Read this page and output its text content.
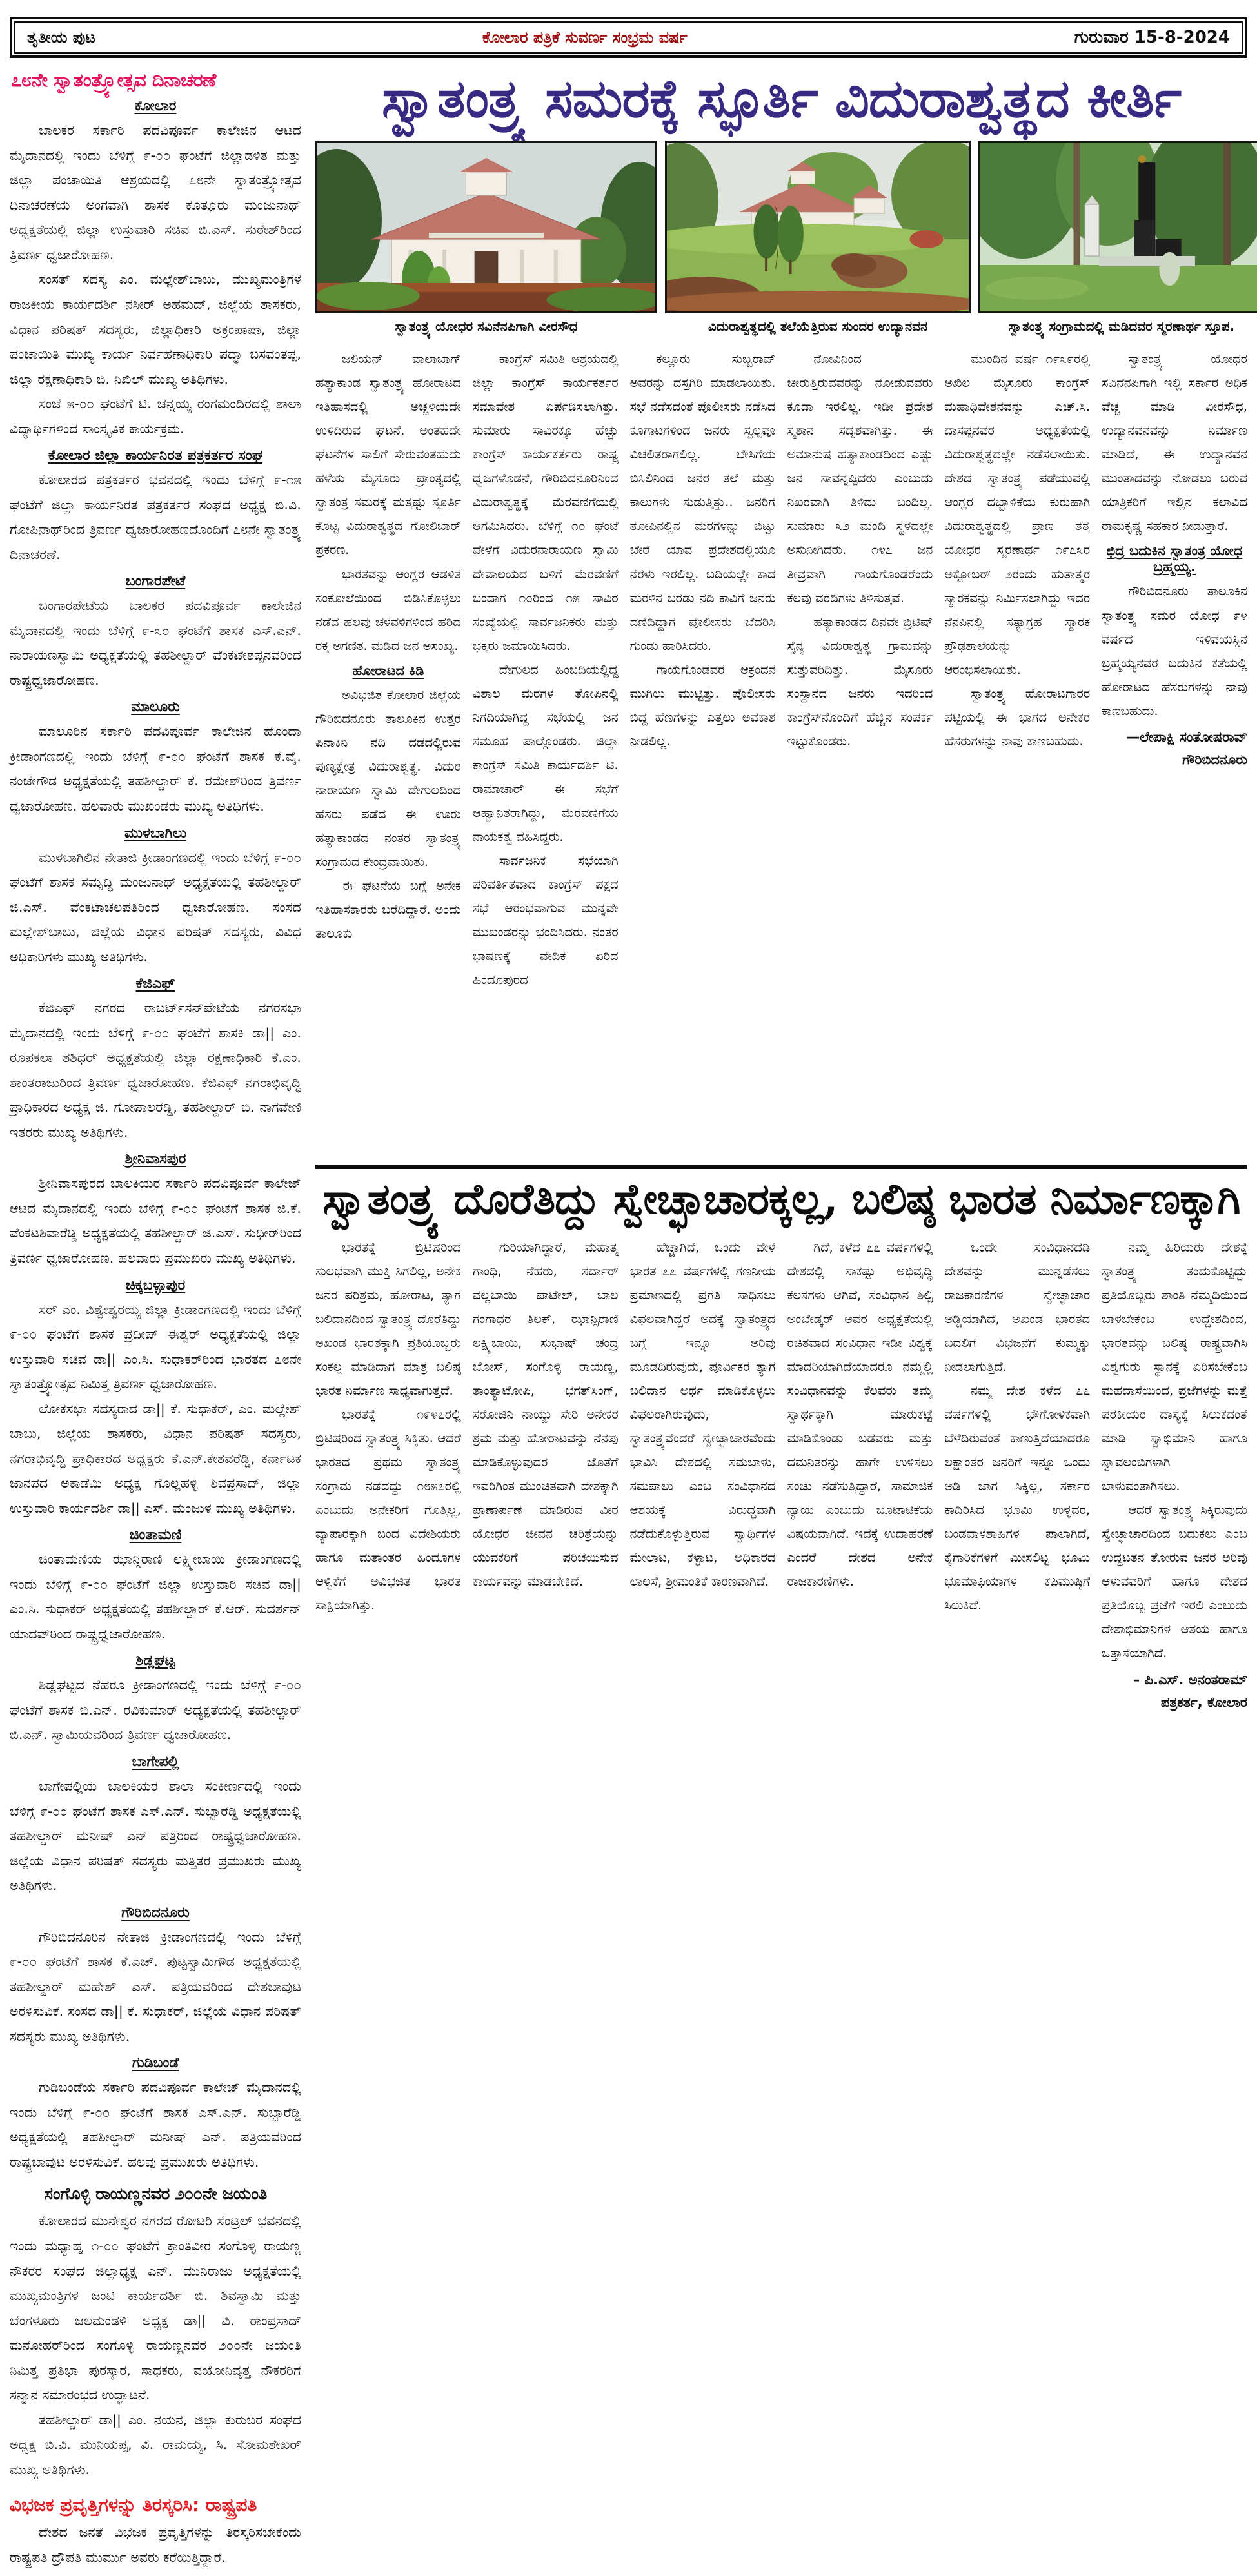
ತೃತೀಯ ಪುಟ	ಕೋಲಾರ ಪತ್ರಿಕೆ ಸುವರ್ಣ ಸಂಭ್ರಮ ವರ್ಷ	ಗುರುವಾರ 15-8-2024
೭೮ನೇ ಸ್ವಾತಂತ್ರ್ಯೋತ್ಸವ ದಿನಾಚರಣೆ
ಕೋಲಾರ

ಬಾಲಕರ ಸರ್ಕಾರಿ ಪದವಿಪೂರ್ವ ಕಾಲೇಜಿನ ಆಟದ ಮೈದಾನದಲ್ಲಿ ಇಂದು ಬೆಳಿಗ್ಗೆ ೯-೦೦ ಘಂಟೆಗೆ ಜಿಲ್ಲಾಡಳಿತ ಮತ್ತು ಜಿಲ್ಲಾ ಪಂಚಾಯಿತಿ ಆಶ್ರಯದಲ್ಲಿ ೭೮ನೇ ಸ್ವಾತಂತ್ರ್ಯೋತ್ಸವ ದಿನಾಚರಣೆಯ ಅಂಗವಾಗಿ ಶಾಸಕ ಕೊತ್ತೂರು ಮಂಜುನಾಥ್ ಅಧ್ಯಕ್ಷತೆಯಲ್ಲಿ ಜಿಲ್ಲಾ ಉಸ್ತುವಾರಿ ಸಚಿವ ಬಿ.ಎಸ್. ಸುರೇಶ್‌ರಿಂದ ತ್ರಿವರ್ಣ ಧ್ವಜಾರೋಹಣ.

ಸಂಸತ್ ಸದಸ್ಯ ಎಂ. ಮಲ್ಲೇಶ್‌ಬಾಬು, ಮುಖ್ಯಮಂತ್ರಿಗಳ ರಾಜಕೀಯ ಕಾರ್ಯದರ್ಶಿ ನಸೀರ್ ಅಹಮದ್, ಜಿಲ್ಲೆಯ ಶಾಸಕರು, ವಿಧಾನ ಪರಿಷತ್ ಸದಸ್ಯರು, ಜಿಲ್ಲಾಧಿಕಾರಿ ಅಕ್ರಂಪಾಷಾ, ಜಿಲ್ಲಾ ಪಂಚಾಯಿತಿ ಮುಖ್ಯ ಕಾರ್ಯ ನಿರ್ವಹಣಾಧಿಕಾರಿ ಪದ್ಮಾ ಬಸವಂತಪ್ಪ, ಜಿಲ್ಲಾ ರಕ್ಷಣಾಧಿಕಾರಿ ಬಿ. ನಿಖಿಲ್ ಮುಖ್ಯ ಅತಿಥಿಗಳು.

ಸಂಜೆ ೫-೦೦ ಘಂಟೆಗೆ ಟಿ. ಚನ್ನಯ್ಯ ರಂಗಮಂದಿರದಲ್ಲಿ ಶಾಲಾ ವಿದ್ಯಾರ್ಥಿಗಳಿಂದ ಸಾಂಸ್ಕೃತಿಕ ಕಾರ್ಯಕ್ರಮ.

ಕೋಲಾರ ಜಿಲ್ಲಾ ಕಾರ್ಯನಿರತ ಪತ್ರಕರ್ತರ ಸಂಘ

ಕೋಲಾರದ ಪತ್ರಕರ್ತರ ಭವನದಲ್ಲಿ ಇಂದು ಬೆಳಿಗ್ಗೆ ೯-೧೫ ಘಂಟೆಗೆ ಜಿಲ್ಲಾ ಕಾರ್ಯನಿರತ ಪತ್ರಕರ್ತರ ಸಂಘದ ಅಧ್ಯಕ್ಷ ಬಿ.ವಿ. ಗೋಪಿನಾಥ್‌ರಿಂದ ತ್ರಿವರ್ಣ ಧ್ವಜಾರೋಹಣದೊಂದಿಗೆ ೭೮ನೇ ಸ್ವಾತಂತ್ರ್ಯ ದಿನಾಚರಣೆ.

ಬಂಗಾರಪೇಟೆ

ಬಂಗಾರಪೇಟೆಯ ಬಾಲಕರ ಪದವಿಪೂರ್ವ ಕಾಲೇಜಿನ ಮೈದಾನದಲ್ಲಿ ಇಂದು ಬೆಳಿಗ್ಗೆ ೯-೩೦ ಘಂಟೆಗೆ ಶಾಸಕ ಎಸ್.ಎನ್. ನಾರಾಯಣಸ್ವಾಮಿ ಅಧ್ಯಕ್ಷತೆಯಲ್ಲಿ ತಹಶೀಲ್ದಾರ್ ವೆಂಕಟೇಶಪ್ಪನವರಿಂದ ರಾಷ್ಟ್ರಧ್ವಜಾರೋಹಣ.

ಮಾಲೂರು

ಮಾಲೂರಿನ ಸರ್ಕಾರಿ ಪದವಿಪೂರ್ವ ಕಾಲೇಜಿನ ಹೊಂದಾ ಕ್ರೀಡಾಂಗಣದಲ್ಲಿ ಇಂದು ಬೆಳಿಗ್ಗೆ ೯-೦೦ ಘಂಟೆಗೆ ಶಾಸಕ ಕೆ.ವೈ. ನಂಜೇಗೌಡ ಅಧ್ಯಕ್ಷತೆಯಲ್ಲಿ ತಹಶೀಲ್ದಾರ್ ಕೆ. ರಮೇಶ್‌ರಿಂದ ತ್ರಿವರ್ಣ ಧ್ವಜಾರೋಹಣ. ಹಲವಾರು ಮುಖಂಡರು ಮುಖ್ಯ ಅತಿಥಿಗಳು.

ಮುಳಬಾಗಿಲು

ಮುಳಬಾಗಿಲಿನ ನೇತಾಜಿ ಕ್ರೀಡಾಂಗಣದಲ್ಲಿ ಇಂದು ಬೆಳಿಗ್ಗೆ ೯-೦೦ ಘಂಟೆಗೆ ಶಾಸಕ ಸಮೃದ್ಧಿ ಮಂಜುನಾಥ್ ಅಧ್ಯಕ್ಷತೆಯಲ್ಲಿ ತಹಶೀಲ್ದಾರ್ ಜಿ.ಎಸ್. ವೆಂಕಟಾಚಲಪತಿರಿಂದ ಧ್ವಜಾರೋಹಣ. ಸಂಸದ ಮಲ್ಲೇಶ್‌ಬಾಬು, ಜಿಲ್ಲೆಯ ವಿಧಾನ ಪರಿಷತ್ ಸದಸ್ಯರು, ವಿವಿಧ ಅಧಿಕಾರಿಗಳು ಮುಖ್ಯ ಅತಿಥಿಗಳು.

ಕೆಜಿಎಫ್

ಕೆಜಿಎಫ್ ನಗರದ ರಾಬರ್ಟ್‌ಸನ್‌ಪೇಟೆಯ ನಗರಸಭಾ ಮೈದಾನದಲ್ಲಿ ಇಂದು ಬೆಳಿಗ್ಗೆ ೯-೦೦ ಘಂಟೆಗೆ ಶಾಸಕಿ ಡಾ|| ಎಂ. ರೂಪಕಲಾ ಶಶಿಧರ್ ಅಧ್ಯಕ್ಷತೆಯಲ್ಲಿ ಜಿಲ್ಲಾ ರಕ್ಷಣಾಧಿಕಾರಿ ಕೆ.ಎಂ. ಶಾಂತರಾಜುರಿಂದ ತ್ರಿವರ್ಣ ಧ್ವಜಾರೋಹಣ. ಕೆಜಿಎಫ್ ನಗರಾಭಿವೃದ್ಧಿ ಪ್ರಾಧಿಕಾರದ ಅಧ್ಯಕ್ಷ ಜಿ. ಗೋಪಾಲರೆಡ್ಡಿ, ತಹಶೀಲ್ದಾರ್ ಬಿ. ನಾಗವೇಣಿ ಇತರರು ಮುಖ್ಯ ಅತಿಥಿಗಳು.

ಶ್ರೀನಿವಾಸಪುರ

ಶ್ರೀನಿವಾಸಪುರದ ಬಾಲಕಿಯರ ಸರ್ಕಾರಿ ಪದವಿಪೂರ್ವ ಕಾಲೇಜ್ ಆಟದ ಮೈದಾನದಲ್ಲಿ ಇಂದು ಬೆಳಿಗ್ಗೆ ೯-೦೦ ಘಂಟೆಗೆ ಶಾಸಕ ಜಿ.ಕೆ. ವೆಂಕಟಶಿವಾರೆಡ್ಡಿ ಅಧ್ಯಕ್ಷತೆಯಲ್ಲಿ ತಹಶೀಲ್ದಾರ್ ಜಿ.ಎಸ್. ಸುಧೀರ್‌ರಿಂದ ತ್ರಿವರ್ಣ ಧ್ವಜಾರೋಹಣ. ಹಲವಾರು ಪ್ರಮುಖರು ಮುಖ್ಯ ಅತಿಥಿಗಳು.

ಚಿಕ್ಕಬಳ್ಳಾಪುರ

ಸರ್ ಎಂ. ವಿಶ್ವೇಶ್ವರಯ್ಯ ಜಿಲ್ಲಾ ಕ್ರೀಡಾಂಗಣದಲ್ಲಿ ಇಂದು ಬೆಳಿಗ್ಗೆ ೯-೦೦ ಘಂಟೆಗೆ ಶಾಸಕ ಪ್ರದೀಪ್ ಈಶ್ವರ್ ಅಧ್ಯಕ್ಷತೆಯಲ್ಲಿ ಜಿಲ್ಲಾ ಉಸ್ತುವಾರಿ ಸಚಿವ ಡಾ|| ಎಂ.ಸಿ. ಸುಧಾಕರ್‌ರಿಂದ ಭಾರತದ ೭೮ನೇ ಸ್ವಾತಂತ್ರ್ಯೋತ್ಸವ ನಿಮಿತ್ತ ತ್ರಿವರ್ಣ ಧ್ವಜಾರೋಹಣ.

ಲೋಕಸಭಾ ಸದಸ್ಯರಾದ ಡಾ|| ಕೆ. ಸುಧಾಕರ್, ಎಂ. ಮಲ್ಲೇಶ್ ಬಾಬು, ಜಿಲ್ಲೆಯ ಶಾಸಕರು, ವಿಧಾನ ಪರಿಷತ್ ಸದಸ್ಯರು, ನಗರಾಭಿವೃದ್ಧಿ ಪ್ರಾಧಿಕಾರದ ಅಧ್ಯಕ್ಷರು ಕೆ.ಎನ್.ಕೇಶವರೆಡ್ಡಿ, ಕರ್ನಾಟಕ ಜಾನಪದ ಅಕಾಡೆಮಿ ಅಧ್ಯಕ್ಷ ಗೊಲ್ಲಹಳ್ಳಿ ಶಿವಪ್ರಸಾದ್, ಜಿಲ್ಲಾ ಉಸ್ತುವಾರಿ ಕಾರ್ಯದರ್ಶಿ ಡಾ|| ಎಸ್. ಮಂಜುಳ ಮುಖ್ಯ ಅತಿಥಿಗಳು.

ಚಿಂತಾಮಣಿ

ಚಿಂತಾಮಣಿಯ ಝಾನ್ಸಿರಾಣಿ ಲಕ್ಷ್ಮೀಬಾಯಿ ಕ್ರೀಡಾಂಗಣದಲ್ಲಿ ಇಂದು ಬೆಳಿಗ್ಗೆ ೯-೦೦ ಘಂಟೆಗೆ ಜಿಲ್ಲಾ ಉಸ್ತುವಾರಿ ಸಚಿವ ಡಾ|| ಎಂ.ಸಿ. ಸುಧಾಕರ್ ಅಧ್ಯಕ್ಷತೆಯಲ್ಲಿ ತಹಶೀಲ್ದಾರ್ ಕೆ.ಆರ್. ಸುದರ್ಶನ್ ಯಾದವ್‌ರಿಂದ ರಾಷ್ಟ್ರಧ್ವಜಾರೋಹಣ.

ಶಿಡ್ಲಘಟ್ಟ

ಶಿಡ್ಲಘಟ್ಟದ ನೆಹರೂ ಕ್ರೀಡಾಂಗಣದಲ್ಲಿ ಇಂದು ಬೆಳಿಗ್ಗೆ ೯-೦೦ ಘಂಟೆಗೆ ಶಾಸಕ ಬಿ.ಎನ್. ರವಿಕುಮಾರ್ ಅಧ್ಯಕ್ಷತೆಯಲ್ಲಿ ತಹಶೀಲ್ದಾರ್ ಬಿ.ಎನ್. ಸ್ವಾಮಿಯವರಿಂದ ತ್ರಿವರ್ಣ ಧ್ವಜಾರೋಹಣ.

ಬಾಗೇಪಲ್ಲಿ

ಬಾಗೇಪಲ್ಲಿಯ ಬಾಲಕಿಯರ ಶಾಲಾ ಸಂಕೀರ್ಣದಲ್ಲಿ ಇಂದು ಬೆಳಿಗ್ಗೆ ೯-೦೦ ಘಂಟೆಗೆ ಶಾಸಕ ಎಸ್.ಎನ್. ಸುಬ್ಬಾರೆಡ್ಡಿ ಅಧ್ಯಕ್ಷತೆಯಲ್ಲಿ ತಹಶೀಲ್ದಾರ್ ಮನೀಷ್ ಎನ್ ಪತ್ರಿರಿಂದ ರಾಷ್ಟ್ರಧ್ವಜಾರೋಹಣ. ಜಿಲ್ಲೆಯ ವಿಧಾನ ಪರಿಷತ್ ಸದಸ್ಯರು ಮತ್ತಿತರ ಪ್ರಮುಖರು ಮುಖ್ಯ ಅತಿಥಿಗಳು.

ಗೌರಿಬಿದನೂರು

ಗೌರಿಬಿದನೂರಿನ ನೇತಾಜಿ ಕ್ರೀಡಾಂಗಣದಲ್ಲಿ ಇಂದು ಬೆಳಿಗ್ಗೆ ೯-೦೦ ಘಂಟೆಗೆ ಶಾಸಕ ಕೆ.ಎಚ್. ಪುಟ್ಟಸ್ವಾಮಿಗೌಡ ಅಧ್ಯಕ್ಷತೆಯಲ್ಲಿ ತಹಶೀಲ್ದಾರ್ ಮಹೇಶ್ ಎಸ್. ಪತ್ರಿಯವರಿಂದ ದೇಶಬಾವುಟ ಅರಳಿಸುವಿಕೆ. ಸಂಸದ ಡಾ|| ಕೆ. ಸುಧಾಕರ್, ಜಿಲ್ಲೆಯ ವಿಧಾನ ಪರಿಷತ್ ಸದಸ್ಯರು ಮುಖ್ಯ ಅತಿಥಿಗಳು.

ಗುಡಿಬಂಡೆ

ಗುಡಿಬಂಡೆಯ ಸರ್ಕಾರಿ ಪದವಿಪೂರ್ವ ಕಾಲೇಜ್ ಮೈದಾನದಲ್ಲಿ ಇಂದು ಬೆಳಿಗ್ಗೆ ೯-೦೦ ಘಂಟೆಗೆ ಶಾಸಕ ಎಸ್.ಎನ್. ಸುಬ್ಬಾರೆಡ್ಡಿ ಅಧ್ಯಕ್ಷತೆಯಲ್ಲಿ ತಹಶೀಲ್ದಾರ್ ಮನೀಷ್ ಎನ್. ಪತ್ರಿಯವರಿಂದ ರಾಷ್ಟ್ರಬಾವುಟ ಅರಳಿಸುವಿಕೆ. ಹಲವು ಪ್ರಮುಖರು ಅತಿಥಿಗಳು.

ಸಂಗೊಳ್ಳಿ ರಾಯಣ್ಣನವರ ೨೦೦ನೇ ಜಯಂತಿ

ಕೋಲಾರದ ಮುನೇಶ್ವರ ನಗರದ ರೋಟರಿ ಸೆಂಟ್ರಲ್ ಭವನದಲ್ಲಿ ಇಂದು ಮಧ್ಯಾಹ್ನ ೧-೦೦ ಘಂಟೆಗೆ ಕ್ರಾಂತಿವೀರ ಸಂಗೊಳ್ಳಿ ರಾಯಣ್ಣ ನೌಕರರ ಸಂಘದ ಜಿಲ್ಲಾಧ್ಯಕ್ಷ ಎನ್. ಮುನಿರಾಜು ಅಧ್ಯಕ್ಷತೆಯಲ್ಲಿ ಮುಖ್ಯಮಂತ್ರಿಗಳ ಜಂಟಿ ಕಾರ್ಯದರ್ಶಿ ಬಿ. ಶಿವಸ್ವಾಮಿ ಮತ್ತು ಬೆಂಗಳೂರು ಜಲಮಂಡಳಿ ಅಧ್ಯಕ್ಷ ಡಾ|| ವಿ. ರಾಂಪ್ರಸಾದ್ ಮನೋಹರ್‌ರಿಂದ ಸಂಗೊಳ್ಳಿ ರಾಯಣ್ಣನವರ ೨೦೦ನೇ ಜಯಂತಿ ನಿಮಿತ್ತ ಪ್ರತಿಭಾ ಪುರಸ್ಕಾರ, ಸಾಧಕರು, ವಯೋನಿವೃತ್ತ ನೌಕರರಿಗೆ ಸನ್ಮಾನ ಸಮಾರಂಭದ ಉದ್ಘಾಟನೆ.

ತಹಶೀಲ್ದಾರ್ ಡಾ|| ಎಂ. ನಯನ, ಜಿಲ್ಲಾ ಕುರುಬರ ಸಂಘದ ಅಧ್ಯಕ್ಷ ಬಿ.ವಿ. ಮುನಿಯಪ್ಪ, ವಿ. ರಾಮಯ್ಯ, ಸಿ. ಸೋಮಶೇಖರ್ ಮುಖ್ಯ ಅತಿಥಿಗಳು.

ವಿಭಜಕ ಪ್ರವೃತ್ತಿಗಳನ್ನು ತಿರಸ್ಕರಿಸಿ: ರಾಷ್ಟ್ರಪತಿ

ದೇಶದ ಜನತೆ ವಿಭಜಕ ಪ್ರವೃತ್ತಿಗಳನ್ನು ತಿರಸ್ಕರಿಸಬೇಕೆಂದು ರಾಷ್ಟ್ರಪತಿ ದ್ರೌಪತಿ ಮುರ್ಮು ಅವರು ಕರೆಯಿತ್ತಿದ್ದಾರೆ.

ಸ್ವಾತಂತ್ರ್ಯ ಸಮರಕ್ಕೆ ಸ್ಫೂರ್ತಿ ವಿದುರಾಶ್ವತ್ಥದ ಕೀರ್ತಿ
ಸ್ವಾತಂತ್ರ್ಯ ಯೋಧರ ಸವಿನೆನಪಿಗಾಗಿ ವೀರಸೌಧ	ವಿದುರಾಶ್ವತ್ಥದಲ್ಲಿ ತಲೆಯೆತ್ತಿರುವ ಸುಂದರ ಉದ್ಯಾನವನ	ಸ್ವಾತಂತ್ರ್ಯ ಸಂಗ್ರಾಮದಲ್ಲಿ ಮಡಿದವರ ಸ್ಮರಣಾರ್ಥ ಸ್ತೂಪ.

ಜಲಿಯನ್ ವಾಲಾಬಾಗ್ ಹತ್ಯಾಕಾಂಡ ಸ್ವಾತಂತ್ರ್ಯ ಹೋರಾಟದ ಇತಿಹಾಸದಲ್ಲಿ ಅಚ್ಚಳಿಯದೇ ಉಳಿದಿರುವ ಘಟನೆ. ಅಂತಹದೇ ಘಟನೆಗಳ ಸಾಲಿಗೆ ಸೇರುವಂತಹುದು ಹಳೆಯ ಮೈಸೂರು ಪ್ರಾಂತ್ಯದಲ್ಲಿ ಸ್ವಾತಂತ್ರ ಸಮರಕ್ಕೆ ಮತ್ತಷ್ಟು ಸ್ಫೂರ್ತಿ ಕೊಟ್ಟ ವಿದುರಾಶ್ವತ್ಥದ ಗೋಲಿಬಾರ್ ಪ್ರಕರಣ.

ಭಾರತವನ್ನು ಆಂಗ್ಲರ ಆಡಳಿತ ಸಂಕೋಲೆಯಿಂದ ಬಿಡಿಸಿಕೊಳ್ಳಲು ನಡೆದ ಹಲವು ಚಳವಳಿಗಳಿಂದ ಹರಿದ ರಕ್ತ ಅಗಣಿತ. ಮಡಿದ ಜನ ಅಸಂಖ್ಯ.

ಹೋರಾಟದ ಕಿಡಿ

ಅವಿಭಜಿತ ಕೋಲಾರ ಜಿಲ್ಲೆಯ ಗೌರಿಬಿದನೂರು ತಾಲೂಕಿನ ಉತ್ತರ ಪಿನಾಕಿನಿ ನದಿ ದಡದಲ್ಲಿರುವ ಪುಣ್ಯಕ್ಷೇತ್ರ ವಿದುರಾಶ್ವತ್ಥ. ವಿದುರ ನಾರಾಯಣ ಸ್ವಾಮಿ ದೇಗುಲದಿಂದ ಹೆಸರು ಪಡೆದ ಈ ಊರು ಹತ್ಯಾಕಾಂಡದ ನಂತರ ಸ್ವಾತಂತ್ರ್ಯ ಸಂಗ್ರಾಮದ ಕೇಂದ್ರವಾಯಿತು.

ಈ ಘಟನೆಯ ಬಗ್ಗೆ ಅನೇಕ ಇತಿಹಾಸಕಾರರು ಬರೆದಿದ್ದಾರೆ. ಅಂದು ತಾಲೂಕು

ಕಾಂಗ್ರೆಸ್ ಸಮಿತಿ ಆಶ್ರಯದಲ್ಲಿ ಜಿಲ್ಲಾ ಕಾಂಗ್ರೆಸ್ ಕಾರ್ಯಕರ್ತರ ಸಮಾವೇಶ ಏರ್ಪಡಿಸಲಾಗಿತ್ತು. ಸುಮಾರು ಸಾವಿರಕ್ಕೂ ಹೆಚ್ಚು ಕಾಂಗ್ರೆಸ್ ಕಾರ್ಯಕರ್ತರು ರಾಷ್ಟ್ರ ಧ್ವಜಗಳೊಡನೆ, ಗೌರಿಬಿದನೂರಿನಿಂದ ವಿದುರಾಶ್ವತ್ಥಕ್ಕೆ ಮೆರವಣಿಗೆಯಲ್ಲಿ ಆಗಮಿಸಿದರು. ಬೆಳಿಗ್ಗೆ ೧೦ ಘಂಟೆ ವೇಳೆಗೆ ವಿದುರನಾರಾಯಣ ಸ್ವಾಮಿ ದೇವಾಲಯದ ಬಳಿಗೆ ಮೆರವಣಿಗೆ ಬಂದಾಗ ೧೦ರಿಂದ ೧೫ ಸಾವಿರ ಸಂಖ್ಯೆಯಲ್ಲಿ ಸಾರ್ವಜನಿಕರು ಮತ್ತು ಭಕ್ತರು ಜಮಾಯಿಸಿದರು.

ದೇಗುಲದ ಹಿಂಬದಿಯಲ್ಲಿದ್ದ ವಿಶಾಲ ಮರಗಳ ತೋಪಿನಲ್ಲಿ ನಿಗದಿಯಾಗಿದ್ದ ಸಭೆಯಲ್ಲಿ ಜನ ಸಮೂಹ ಪಾಲ್ಗೊಂಡರು. ಜಿಲ್ಲಾ ಕಾಂಗ್ರೆಸ್ ಸಮಿತಿ ಕಾರ್ಯದರ್ಶಿ ಟಿ. ರಾಮಾಚಾರ್ ಈ ಸಭೆಗೆ ಆಹ್ವಾನಿತರಾಗಿದ್ದು, ಮೆರವಣಿಗೆಯ ನಾಯಕತ್ವ ವಹಿಸಿದ್ದರು.

ಸಾರ್ವಜನಿಕ ಸಭೆಯಾಗಿ ಪರಿವರ್ತಿತವಾದ ಕಾಂಗ್ರೆಸ್ ಪಕ್ಷದ ಸಭೆ ಆರಂಭವಾಗುವ ಮುನ್ನವೇ ಮುಖಂಡರನ್ನು ಭಂದಿಸಿದರು. ನಂತರ ಭಾಷಣಕ್ಕೆ ವೇದಿಕೆ ಏರಿದ ಹಿಂದೂಪುರದ

ಕಲ್ಲೂರು ಸುಬ್ಬರಾವ್ ಅವರನ್ನು ದಸ್ತಗಿರಿ ಮಾಡಲಾಯಿತು. ಸಭೆ ನಡೆಸದಂತೆ ಪೊಲೀಸರು ನಡೆಸಿದ ಕೂಗಾಟಗಳಿಂದ ಜನರು ಸ್ವಲ್ಪವೂ ವಿಚಲಿತರಾಗಲಿಲ್ಲ. ಬೇಸಿಗೆಯ ಬಿಸಿಲಿನಿಂದ ಜನರ ತಲೆ ಮತ್ತು ಕಾಲುಗಳು ಸುಡುತ್ತಿತ್ತು.. ಜನರಿಗೆ ತೋಪಿನಲ್ಲಿನ ಮರಗಳನ್ನು ಬಿಟ್ಟು ಬೇರೆ ಯಾವ ಪ್ರದೇಶದಲ್ಲಿಯೂ ನೆರಳು ಇರಲಿಲ್ಲ. ಬದಿಯಲ್ಲೇ ಕಾದ ಮರಳಿನ ಬರಡು ನದಿ ಕಾವಿಗೆ ಜನರು ದಣಿದಿದ್ದಾಗ ಪೊಲೀಸರು ಬೆದರಿಸಿ ಗುಂಡು ಹಾರಿಸಿದರು.

ಗಾಯಗೊಂಡವರ ಆಕ್ರಂದನ ಮುಗಿಲು ಮುಟ್ಟಿತ್ತು. ಪೊಲೀಸರು ಬಿದ್ದ ಹೆಣಗಳನ್ನು ಎತ್ತಲು ಅವಕಾಶ ನೀಡಲಿಲ್ಲ.

ನೋವಿನಿಂದ ಚೀರುತ್ತಿರುವವರನ್ನು ನೋಡುವವರು ಕೂಡಾ ಇರಲಿಲ್ಲ. ಇಡೀ ಪ್ರದೇಶ ಸ್ಮಶಾನ ಸದೃಶವಾಗಿತ್ತು. ಈ ಅಮಾನುಷ ಹತ್ಯಾಕಾಂಡದಿಂದ ಎಷ್ಟು ಜನ ಸಾವನ್ನಪ್ಪಿದರು ಎಂಬುದು ನಿಖರವಾಗಿ ತಿಳಿದು ಬಂದಿಲ್ಲ. ಸುಮಾರು ೩೨ ಮಂದಿ ಸ್ಥಳದಲ್ಲೇ ಅಸುನೀಗಿದರು. ೧೪೭ ಜನ ತೀವ್ರವಾಗಿ ಗಾಯಗೊಂಡರೆಂದು ಕೆಲವು ವರದಿಗಳು ತಿಳಿಸುತ್ತವೆ.

ಹತ್ಯಾಕಾಂಡದ ದಿನವೇ ಬ್ರಿಟಿಷ್ ಸೈನ್ಯ ವಿದುರಾಶ್ವತ್ಥ ಗ್ರಾಮವನ್ನು ಸುತ್ತುವರಿದಿತ್ತು. ಮೈಸೂರು ಸಂಸ್ಥಾನದ ಜನರು ಇದರಿಂದ ಕಾಂಗ್ರೆಸ್‌ನೊಂದಿಗೆ ಹೆಚ್ಚಿನ ಸಂಪರ್ಕ ಇಟ್ಟುಕೊಂಡರು.

ಮುಂದಿನ ವರ್ಷ ೧೯೩೯ರಲ್ಲಿ ಅಖಿಲ ಮೈಸೂರು ಕಾಂಗ್ರೆಸ್ ಮಹಾಧಿವೇಶನವನ್ನು ಎಚ್.ಸಿ. ದಾಸಪ್ಪನವರ ಅಧ್ಯಕ್ಷತೆಯಲ್ಲಿ ವಿದುರಾಶ್ವತ್ಥದಲ್ಲೇ ನಡೆಸಲಾಯಿತು. ದೇಶದ ಸ್ವಾತಂತ್ರ್ಯ ಪಡೆಯುವಲ್ಲಿ ಆಂಗ್ಲರ ದಬ್ಬಾಳಿಕೆಯ ಕುರುಹಾಗಿ ವಿದುರಾಶ್ವತ್ಥದಲ್ಲಿ ಪ್ರಾಣ ತೆತ್ತ ಯೋಧರ ಸ್ಮರಣಾರ್ಥ ೧೯೭೩ರ ಅಕ್ಟೋಬರ್ ೨ರಂದು ಹುತಾತ್ಮರ ಸ್ಮಾರಕವನ್ನು ನಿರ್ಮಿಸಲಾಗಿದ್ದು ಇದರ ನೆನಪಿನಲ್ಲಿ ಸತ್ಯಾಗ್ರಹ ಸ್ಮಾರಕ ಪ್ರೌಢಶಾಲೆಯನ್ನು ಆರಂಭಿಸಲಾಯಿತು.

ಸ್ವಾತಂತ್ರ್ಯ ಹೋರಾಟಗಾರರ ಪಟ್ಟಿಯಲ್ಲಿ ಈ ಭಾಗದ ಅನೇಕರ ಹೆಸರುಗಳನ್ನು ನಾವು ಕಾಣಬಹುದು.

ಸ್ವಾತಂತ್ರ್ಯ ಯೋಧರ ಸವಿನೆನಪಿಗಾಗಿ ಇಲ್ಲಿ ಸರ್ಕಾರ ಅಧಿಕ ವೆಚ್ಚ ಮಾಡಿ ವೀರಸೌಧ, ಉದ್ಯಾನವನವನ್ನು ನಿರ್ಮಾಣ ಮಾಡಿದೆ, ಈ ಉದ್ಯಾನವನ ಮುಂತಾದವನ್ನು ನೋಡಲು ಬರುವ ಯಾತ್ರಿಕರಿಗೆ ಇಲ್ಲಿನ ಕಲಾವಿದ ರಾಮಕೃಷ್ಣ ಸಹಕಾರ ನೀಡುತ್ತಾರೆ.

ಛಿದ್ರ ಬದುಕಿನ ಸ್ವಾತಂತ್ರ ಯೋಧ ಬ್ರಹ್ಮಯ್ಯ.

ಗೌರಿಬಿದನೂರು ತಾಲೂಕಿನ ಸ್ವಾತಂತ್ರ್ಯ ಸಮರ ಯೋಧ ೯೪ ವರ್ಷದ ಇಳಿವಯಸ್ಸಿನ ಬ್ರಹ್ಮಯ್ಯನವರ ಬದುಕಿನ ಕತೆಯಲ್ಲಿ ಹೋರಾಟದ ಹೆಸರುಗಳನ್ನು ನಾವು ಕಾಣಬಹುದು.

—ಲೇಪಾಕ್ಷಿ ಸಂತೋಷರಾವ್
ಗೌರಿಬಿದನೂರು
ಸ್ವಾತಂತ್ರ್ಯ ದೊರೆತಿದ್ದು ಸ್ವೇಚ್ಛಾಚಾರಕ್ಕಲ್ಲ, ಬಲಿಷ್ಠ ಭಾರತ ನಿರ್ಮಾಣಕ್ಕಾಗಿ

ಭಾರತಕ್ಕೆ ಬ್ರಿಟಿಷರಿಂದ ಸುಲಭವಾಗಿ ಮುಕ್ತಿ ಸಿಗಲಿಲ್ಲ, ಅನೇಕ ಜನರ ಪರಿಶ್ರಮ, ಹೋರಾಟ, ತ್ಯಾಗ ಬಲಿದಾನದಿಂದ ಸ್ವಾತಂತ್ರ್ಯ ದೊರೆತಿದ್ದು ಅಖಂಡ ಭಾರತಕ್ಕಾಗಿ ಪ್ರತಿಯೊಬ್ಬರು ಸಂಕಲ್ಪ ಮಾಡಿದಾಗ ಮಾತ್ರ ಬಲಿಷ್ಠ ಭಾರತ ನಿರ್ಮಾಣ ಸಾಧ್ಯವಾಗುತ್ತದೆ.

ಭಾರತಕ್ಕೆ ೧೯೪೭ರಲ್ಲಿ ಬ್ರಿಟಿಷರಿಂದ ಸ್ವಾತಂತ್ರ್ಯ ಸಿಕ್ಕಿತು. ಆದರೆ ಭಾರತದ ಪ್ರಥಮ ಸ್ವಾತಂತ್ರ್ಯ ಸಂಗ್ರಾಮ ನಡೆದದ್ದು ೧೮೫೭ರಲ್ಲಿ ಎಂಬುದು ಅನೇಕರಿಗೆ ಗೊತ್ತಿಲ್ಲ, ವ್ಯಾಪಾರಕ್ಕಾಗಿ ಬಂದ ವಿದೇಶಿಯರು ಹಾಗೂ ಮತಾಂತರ ಹಿಂದೂಗಳ ಆಳ್ವಿಕೆಗೆ ಅವಿಭಜಿತ ಭಾರತ ಸಾಕ್ಷಿಯಾಗಿತ್ತು.

ಗುರಿಯಾಗಿದ್ದಾರೆ, ಮಹಾತ್ಮ ಗಾಂಧಿ, ನೆಹರು, ಸರ್ದಾರ್ ವಲ್ಲಬಾಯಿ ಪಾಟೇಲ್, ಬಾಲ ಗಂಗಾಧರ ತಿಲಕ್, ಝಾನ್ಸಿರಾಣಿ ಲಕ್ಷ್ಮಿಬಾಯಿ, ಸುಭಾಷ್ ಚಂದ್ರ ಬೋಸ್, ಸಂಗೊಳ್ಳಿ ರಾಯಣ್ಣ, ತಾಂತ್ಯಾಟೋಪಿ, ಭಗತ್‌ಸಿಂಗ್, ಸರೋಜಿನಿ ನಾಯ್ಡು ಸೇರಿ ಅನೇಕರ ಶ್ರಮ ಮತ್ತು ಹೋರಾಟವನ್ನು ನೆನಪು ಮಾಡಿಕೊಳ್ಳುವುದರ ಜೊತೆಗೆ ಇವರಿಗಿಂತ ಮುಂಚಿತವಾಗಿ ದೇಶಕ್ಕಾಗಿ ಪ್ರಾಣಾರ್ಪಣೆ ಮಾಡಿರುವ ವೀರ ಯೋಧರ ಜೀವನ ಚರಿತ್ರೆಯನ್ನು ಯುವಕರಿಗೆ ಪರಿಚಯಿಸುವ ಕಾರ್ಯವನ್ನು ಮಾಡಬೇಕಿದೆ.

ಹೆಚ್ಚಾಗಿದೆ, ಒಂದು ವೇಳೆ ಭಾರತ ೭೭ ವರ್ಷಗಳಲ್ಲಿ ಗಣನೀಯ ಪ್ರಮಾಣದಲ್ಲಿ ಪ್ರಗತಿ ಸಾಧಿಸಲು ವಿಫಲವಾಗಿದ್ದರೆ ಅದಕ್ಕೆ ಸ್ವಾತಂತ್ರ್ಯದ ಬಗ್ಗೆ ಇನ್ನೂ ಅರಿವು ಮೂಡದಿರುವುದು, ಪೂರ್ವಿಕರ ತ್ಯಾಗ ಬಲಿದಾನ ಅರ್ಥ ಮಾಡಿಕೊಳ್ಳಲು ವಿಫಲರಾಗಿರುವುದು, ಸ್ವಾತಂತ್ರ್ಯವೆಂದರೆ ಸ್ವೇಚ್ಛಾಚಾರವೆಂದು ಭಾವಿಸಿ ದೇಶದಲ್ಲಿ ಸಮಬಾಳು, ಸಮಪಾಲು ಎಂಬ ಸಂವಿಧಾನದ ಆಶಯಕ್ಕೆ ವಿರುದ್ಧವಾಗಿ ನಡೆದುಕೊಳ್ಳುತ್ತಿರುವ ಸ್ವಾರ್ಥಿಗಳ ಮೇಲಾಟ, ಕಳ್ಳಾಟ, ಅಧಿಕಾರದ ಲಾಲಸೆ, ಶ್ರೀಮಂತಿಕೆ ಕಾರಣವಾಗಿದೆ.

ಗಿದೆ, ಕಳೆದ ೭೭ ವರ್ಷಗಳಲ್ಲಿ ದೇಶದಲ್ಲಿ ಸಾಕಷ್ಟು ಅಭಿವೃದ್ಧಿ ಕೆಲಸಗಳು ಆಗಿವೆ, ಸಂವಿಧಾನ ಶಿಲ್ಪಿ ಅಂಬೇಡ್ಕರ್ ಅವರ ಅಧ್ಯಕ್ಷತೆಯಲ್ಲಿ ರಚಿತವಾದ ಸಂವಿಧಾನ ಇಡೀ ವಿಶ್ವಕ್ಕೆ ಮಾದರಿಯಾಗಿದೆಯಾದರೂ ನಮ್ಮಲ್ಲಿ ಸಂವಿಧಾನವನ್ನು ಕೆಲವರು ತಮ್ಮ ಸ್ವಾರ್ಥಕ್ಕಾಗಿ ಮಾರುಕಟ್ಟೆ ಮಾಡಿಕೊಂಡು ಬಡವರು ಮತ್ತು ದಮನಿತರನ್ನು ಹಾಗೇ ಉಳಿಸಲು ಸಂಚು ನಡೆಸುತ್ತಿದ್ದಾರೆ, ಸಾಮಾಜಿಕ ನ್ಯಾಯ ಎಂಬುದು ಬೂಟಾಟಿಕೆಯ ವಿಷಯವಾಗಿದೆ. ಇದಕ್ಕೆ ಉದಾಹರಣೆ ಎಂದರೆ ದೇಶದ ಅನೇಕ ರಾಜಕಾರಣಿಗಳು.

ಒಂದೇ ಸಂವಿಧಾನದಡಿ ದೇಶವನ್ನು ಮುನ್ನಡೆಸಲು ರಾಜಕಾರಣಿಗಳ ಸ್ವೇಚ್ಛಾಚಾರ ಅಡ್ಡಿಯಾಗಿದೆ, ಅಖಂಡ ಭಾರತದ ಬದಲಿಗೆ ವಿಭಜನೆಗೆ ಕುಮ್ಮಕ್ಕು ನೀಡಲಾಗುತ್ತಿದೆ.

ನಮ್ಮ ದೇಶ ಕಳೆದ ೭೭ ವರ್ಷಗಳಲ್ಲಿ ಭೌಗೋಳಿಕವಾಗಿ ಬೆಳೆದಿರುವಂತೆ ಕಾಣುತ್ತಿದೆಯಾದರೂ ಲಕ್ಷಾಂತರ ಜನರಿಗೆ ಇನ್ನೂ ಒಂದು ಅಡಿ ಜಾಗ ಸಿಕ್ಕಿಲ್ಲ, ಸರ್ಕಾರ ಕಾದಿರಿಸಿದ ಭೂಮಿ ಉಳ್ಳವರ, ಬಂಡವಾಳಶಾಹಿಗಳ ಪಾಲಾಗಿದೆ, ಕೈಗಾರಿಕೆಗಳಿಗೆ ಮೀಸಲಿಟ್ಟ ಭೂಮಿ ಭೂಮಾಫಿಯಾಗಳ ಕಪಿಮುಷ್ಠಿಗೆ ಸಿಲುಕಿದೆ.

ನಮ್ಮ ಹಿರಿಯರು ದೇಶಕ್ಕೆ ಸ್ವಾತಂತ್ರ್ಯ ತಂದುಕೊಟ್ಟಿದ್ದು ಪ್ರತಿಯೊಬ್ಬರು ಶಾಂತಿ ನೆಮ್ಮದಿಯಿಂದ ಬಾಳಬೇಕೆಂಬ ಉದ್ದೇಶದಿಂದ, ಭಾರತವನ್ನು ಬಲಿಷ್ಠ ರಾಷ್ಟ್ರವಾಗಿಸಿ ವಿಶ್ವಗುರು ಸ್ಥಾನಕ್ಕೆ ಏರಿಸಬೇಕೆಂಬ ಮಹದಾಸೆಯಿಂದ, ಪ್ರಜೆಗಳನ್ನು ಮತ್ತೆ ಪರಕೀಯರ ದಾಸ್ಯಕ್ಕೆ ಸಿಲುಕದಂತೆ ಮಾಡಿ ಸ್ವಾಭಿಮಾನಿ ಹಾಗೂ ಸ್ವಾವಲಂಬಿಗಳಾಗಿ ಬಾಳುವಂತಾಗಿಸಲು.

ಆದರೆ ಸ್ವಾತಂತ್ರ್ಯ ಸಿಕ್ಕಿರುವುದು ಸ್ವೇಚ್ಛಾಚಾರದಿಂದ ಬದುಕಲು ಎಂಬ ಉದ್ಧಟತನ ತೋರುವ ಜನರ ಅರಿವು ಆಳುವವರಿಗೆ ಹಾಗೂ ದೇಶದ ಪ್ರತಿಯೊಬ್ಬ ಪ್ರಜೆಗೆ ಇರಲಿ ಎಂಬುದು ದೇಶಾಭಿಮಾನಿಗಳ ಆಶಯ ಹಾಗೂ ಒತ್ತಾಸೆಯಾಗಿದೆ.

– ಪಿ.ಎಸ್. ಅನಂತರಾಮ್
ಪತ್ರಕರ್ತ, ಕೋಲಾರ
